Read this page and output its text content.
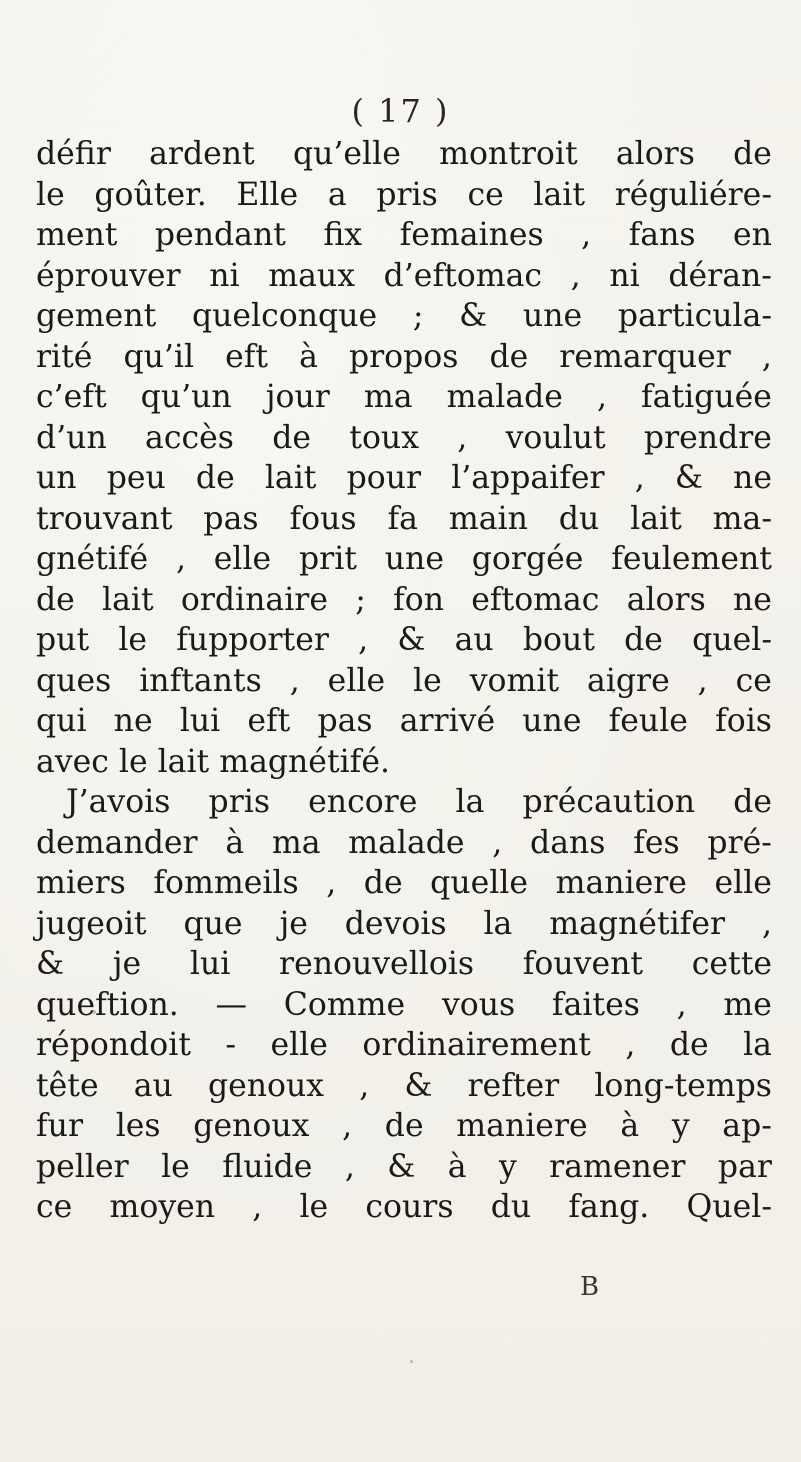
( 17 )
défir ardent qu’elle montroit alors de
le goûter. Elle a pris ce lait réguliére-
ment pendant fix femaines , fans en
éprouver ni maux d’eftomac , ni déran-
gement quelconque ; & une particula-
rité qu’il eft à propos de remarquer ,
c’eft qu’un jour ma malade , fatiguée
d’un accès de toux , voulut prendre
un peu de lait pour l’appaifer , & ne
trouvant pas fous fa main du lait ma-
gnétifé , elle prit une gorgée feulement
de lait ordinaire ; fon eftomac alors ne
put le fupporter , & au bout de quel-
ques inftants , elle le vomit aigre , ce
qui ne lui eft pas arrivé une feule fois
avec le lait magnétifé.
J’avois pris encore la précaution de
demander à ma malade , dans fes pré-
miers fommeils , de quelle maniere elle
jugeoit que je devois la magnétifer ,
& je lui renouvellois fouvent cette
queftion. — Comme vous faites , me
répondoit - elle ordinairement , de la
tête au genoux , & refter long-temps
fur les genoux , de maniere à y ap-
peller le fluide , & à y ramener par
ce moyen , le cours du fang. Quel-
B
